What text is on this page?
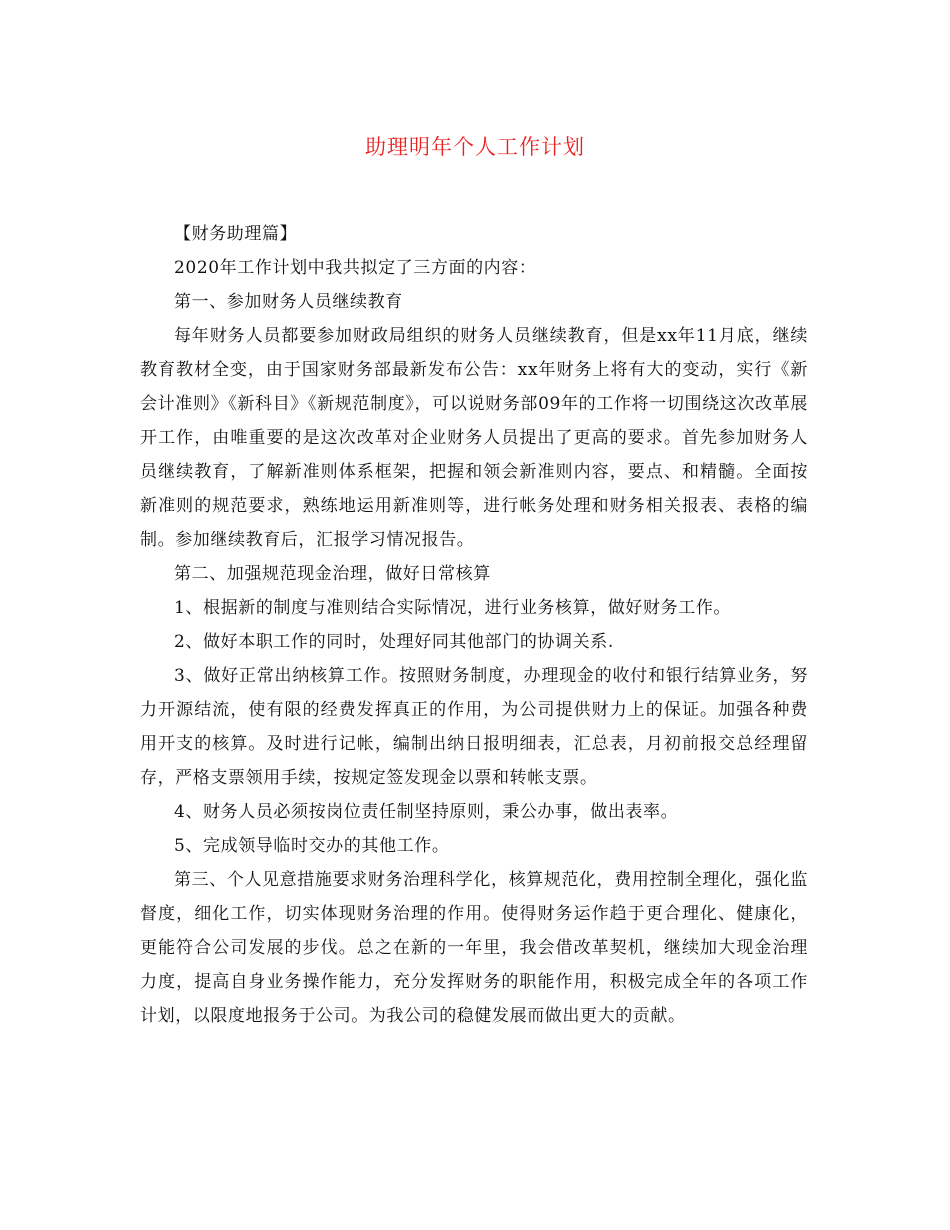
助理明年个人工作计划

【财务助理篇】

2020年工作计划中我共拟定了三方面的内容：

第一、参加财务人员继续教育

每年财务人员都要参加财政局组织的财务人员继续教育，但是xx年11月底，继续教育教材全变，由于国家财务部最新发布公告：xx年财务上将有大的变动，实行《新会计准则》《新科目》《新规范制度》，可以说财务部09年的工作将一切围绕这次改革展开工作，由唯重要的是这次改革对企业财务人员提出了更高的要求。首先参加财务人员继续教育，了解新准则体系框架，把握和领会新准则内容，要点、和精髓。全面按新准则的规范要求，熟练地运用新准则等，进行帐务处理和财务相关报表、表格的编制。参加继续教育后，汇报学习情况报告。

第二、加强规范现金治理，做好日常核算

1、根据新的制度与准则结合实际情况，进行业务核算，做好财务工作。

2、做好本职工作的同时，处理好同其他部门的协调关系.

3、做好正常出纳核算工作。按照财务制度，办理现金的收付和银行结算业务，努力开源结流，使有限的经费发挥真正的作用，为公司提供财力上的保证。加强各种费用开支的核算。及时进行记帐，编制出纳日报明细表，汇总表，月初前报交总经理留存，严格支票领用手续，按规定签发现金以票和转帐支票。

4、财务人员必须按岗位责任制坚持原则，秉公办事，做出表率。

5、完成领导临时交办的其他工作。

第三、个人见意措施要求财务治理科学化，核算规范化，费用控制全理化，强化监督度，细化工作，切实体现财务治理的作用。使得财务运作趋于更合理化、健康化，更能符合公司发展的步伐。总之在新的一年里，我会借改革契机，继续加大现金治理力度，提高自身业务操作能力，充分发挥财务的职能作用，积极完成全年的各项工作计划，以限度地报务于公司。为我公司的稳健发展而做出更大的贡献。
